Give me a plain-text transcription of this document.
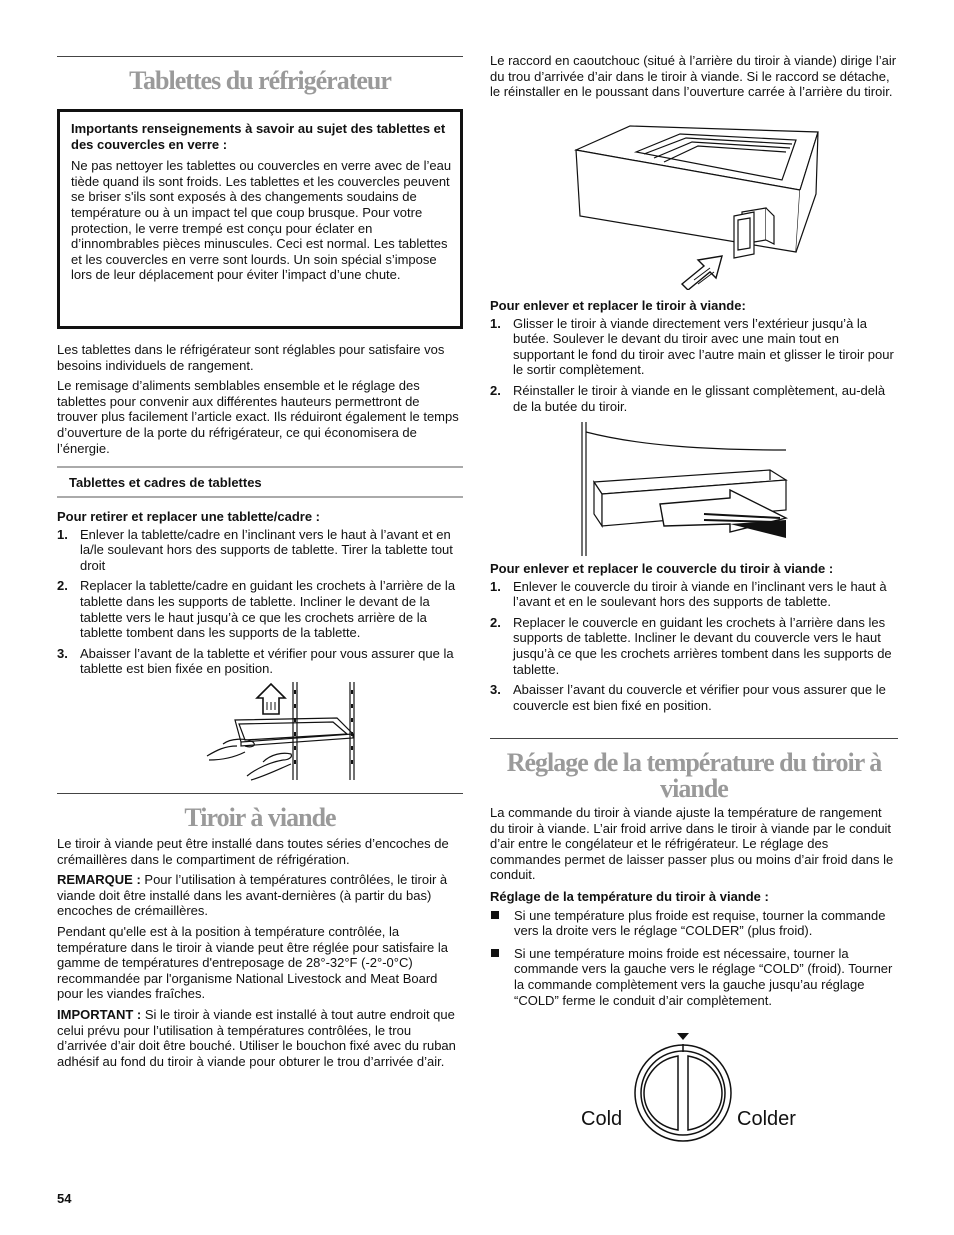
Tablettes du réfrigérateur

Importants renseignements à savoir au sujet des tablettes et des couvercles en verre :

Ne pas nettoyer les tablettes ou couvercles en verre avec de l’eau tiède quand ils sont froids. Les tablettes et les couvercles peuvent se briser s'ils sont exposés à des changements soudains de température ou à un impact tel que coup brusque. Pour votre protection, le verre trempé est conçu pour éclater en d’innombrables pièces minuscules. Ceci est normal. Les tablettes et les couvercles en verre sont lourds. Un soin spécial s’impose lors de leur déplacement pour éviter l’impact d’une chute.

Les tablettes dans le réfrigérateur sont réglables pour satisfaire vos besoins individuels de rangement.

Le remisage d’aliments semblables ensemble et le réglage des tablettes pour convenir aux différentes hauteurs permettront de trouver plus facilement l’article exact. Ils réduiront également le temps d’ouverture de la porte du réfrigérateur, ce qui économisera de l’énergie.

Tablettes et cadres de tablettes

Pour retirer et replacer une tablette/cadre :

1. Enlever la tablette/cadre en l’inclinant vers le haut à l’avant et en la/le soulevant hors des supports de tablette. Tirer la tablette tout droit
2. Replacer la tablette/cadre en guidant les crochets à l’arrière de la tablette dans les supports de tablette. Incliner le devant de la tablette vers le haut jusqu’à ce que les crochets arrière de la tablette tombent dans les supports de la tablette.
3. Abaisser l’avant de la tablette et vérifier pour vous assurer que la tablette est bien fixée en position.
Tiroir à viande

Le tiroir à viande peut être installé dans toutes séries d’encoches de crémaillères dans le compartiment de réfrigération.

REMARQUE : Pour l’utilisation à températures contrôlées, le tiroir à viande doit être installé dans les avant-dernières (à partir du bas) encoches de crémaillères.

Pendant qu'elle est à la position à température contrôlée, la température dans le tiroir à viande peut être réglée pour satisfaire la gamme de températures d'entreposage de 28°-32°F (-2°-0°C) recommandée par l'organisme National Livestock and Meat Board pour les viandes fraîches.

IMPORTANT : Si le tiroir à viande est installé à tout autre endroit que celui prévu pour l’utilisation à températures contrôlées, le trou d’arrivée d’air doit être bouché. Utiliser le bouchon fixé avec du ruban adhésif au fond du tiroir à viande pour obturer le trou d’arrivée d’air.

Le raccord en caoutchouc (situé à l’arrière du tiroir à viande) dirige l’air du trou d’arrivée d’air dans le tiroir à viande. Si le raccord se détache, le réinstaller en le poussant dans l’ouverture carrée à l’arrière du tiroir.

Pour enlever et replacer le tiroir à viande:

1. Glisser le tiroir à viande directement vers l’extérieur jusqu’à la butée. Soulever le devant du tiroir avec une main tout en supportant le fond du tiroir avec l’autre main et glisser le tiroir pour le sortir complètement.
2. Réinstaller le tiroir à viande en le glissant complètement, au-delà de la butée du tiroir.

Pour enlever et replacer le couvercle du tiroir à viande :

1. Enlever le couvercle du tiroir à viande en l’inclinant vers le haut à l’avant et en le soulevant hors des supports de tablette.
2. Replacer le couvercle en guidant les crochets à l’arrière dans les supports de tablette. Incliner le devant du couvercle vers le haut jusqu’à ce que les crochets arrières tombent dans les supports de tablette.
3. Abaisser l’avant du couvercle et vérifier pour vous assurer que le couvercle est bien fixé en position.
Réglage de la température du tiroir à viande

La commande du tiroir à viande ajuste la température de rangement du tiroir à viande. L’air froid arrive dans le tiroir à viande par le conduit d’air entre le congélateur et le réfrigérateur. Le réglage des commandes permet de laisser passer plus ou moins d’air froid dans le conduit.

Réglage de la température du tiroir à viande :

Si une température plus froide est requise, tourner la commande vers la droite vers le réglage “COLDER” (plus froid).
Si une température moins froide est nécessaire, tourner la commande vers la gauche vers le réglage “COLD” (froid). Tourner la commande complètement vers la gauche jusqu’au réglage “COLD” ferme le conduit d’air complètement.
Cold	Colder
54
